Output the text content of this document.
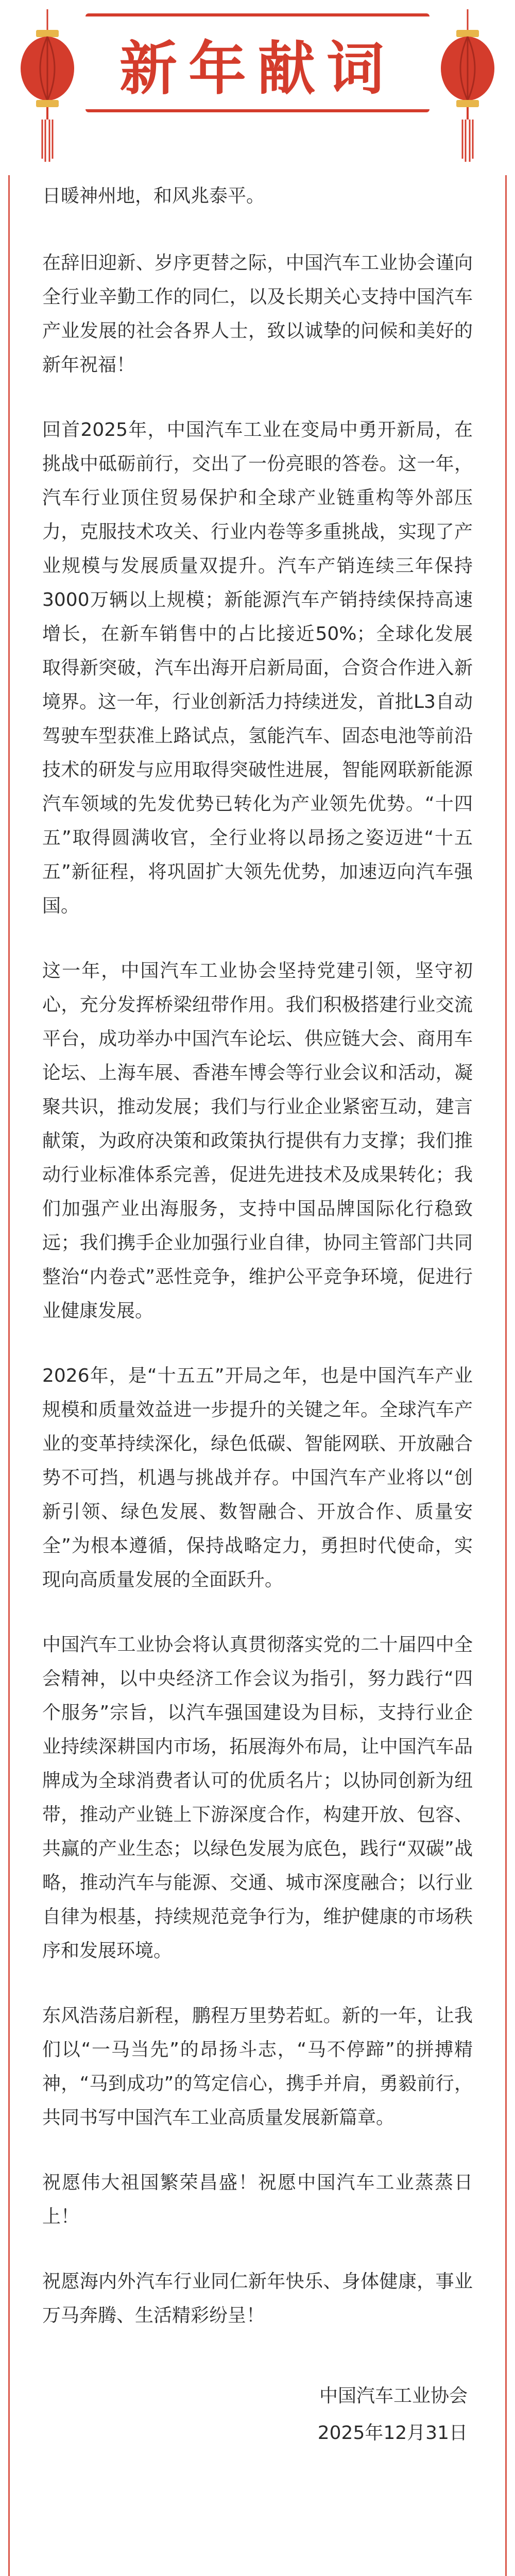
新年献词

日暖神州地，和风兆泰平。

在辞旧迎新、岁序更替之际，中国汽车工业协会谨向全行业辛勤工作的同仁，以及长期关心支持中国汽车产业发展的社会各界人士，致以诚挚的问候和美好的新年祝福！

回首2025年，中国汽车工业在变局中勇开新局，在挑战中砥砺前行，交出了一份亮眼的答卷。这一年，汽车行业顶住贸易保护和全球产业链重构等外部压力，克服技术攻关、行业内卷等多重挑战，实现了产业规模与发展质量双提升。汽车产销连续三年保持3000万辆以上规模；新能源汽车产销持续保持高速增长，在新车销售中的占比接近50%；全球化发展取得新突破，汽车出海开启新局面，合资合作进入新境界。这一年，行业创新活力持续迸发，首批L3自动驾驶车型获准上路试点，氢能汽车、固态电池等前沿技术的研发与应用取得突破性进展，智能网联新能源汽车领域的先发优势已转化为产业领先优势。“十四五”取得圆满收官，全行业将以昂扬之姿迈进“十五五”新征程，将巩固扩大领先优势，加速迈向汽车强国。

这一年，中国汽车工业协会坚持党建引领，坚守初心，充分发挥桥梁纽带作用。我们积极搭建行业交流平台，成功举办中国汽车论坛、供应链大会、商用车论坛、上海车展、香港车博会等行业会议和活动，凝聚共识，推动发展；我们与行业企业紧密互动，建言献策，为政府决策和政策执行提供有力支撑；我们推动行业标准体系完善，促进先进技术及成果转化；我们加强产业出海服务，支持中国品牌国际化行稳致远；我们携手企业加强行业自律，协同主管部门共同整治“内卷式”恶性竞争，维护公平竞争环境，促进行业健康发展。

2026年，是“十五五”开局之年，也是中国汽车产业规模和质量效益进一步提升的关键之年。全球汽车产业的变革持续深化，绿色低碳、智能网联、开放融合势不可挡，机遇与挑战并存。中国汽车产业将以“创新引领、绿色发展、数智融合、开放合作、质量安全”为根本遵循，保持战略定力，勇担时代使命，实现向高质量发展的全面跃升。

中国汽车工业协会将认真贯彻落实党的二十届四中全会精神，以中央经济工作会议为指引，努力践行“四个服务”宗旨，以汽车强国建设为目标，支持行业企业持续深耕国内市场，拓展海外布局，让中国汽车品牌成为全球消费者认可的优质名片；以协同创新为纽带，推动产业链上下游深度合作，构建开放、包容、共赢的产业生态；以绿色发展为底色，践行“双碳”战略，推动汽车与能源、交通、城市深度融合；以行业自律为根基，持续规范竞争行为，维护健康的市场秩序和发展环境。

东风浩荡启新程，鹏程万里势若虹。新的一年，让我们以“一马当先”的昂扬斗志，“马不停蹄”的拼搏精神，“马到成功”的笃定信心，携手并肩，勇毅前行，共同书写中国汽车工业高质量发展新篇章。

祝愿伟大祖国繁荣昌盛！祝愿中国汽车工业蒸蒸日上！

祝愿海内外汽车行业同仁新年快乐、身体健康，事业万马奔腾、生活精彩纷呈！

中国汽车工业协会
2025年12月31日
